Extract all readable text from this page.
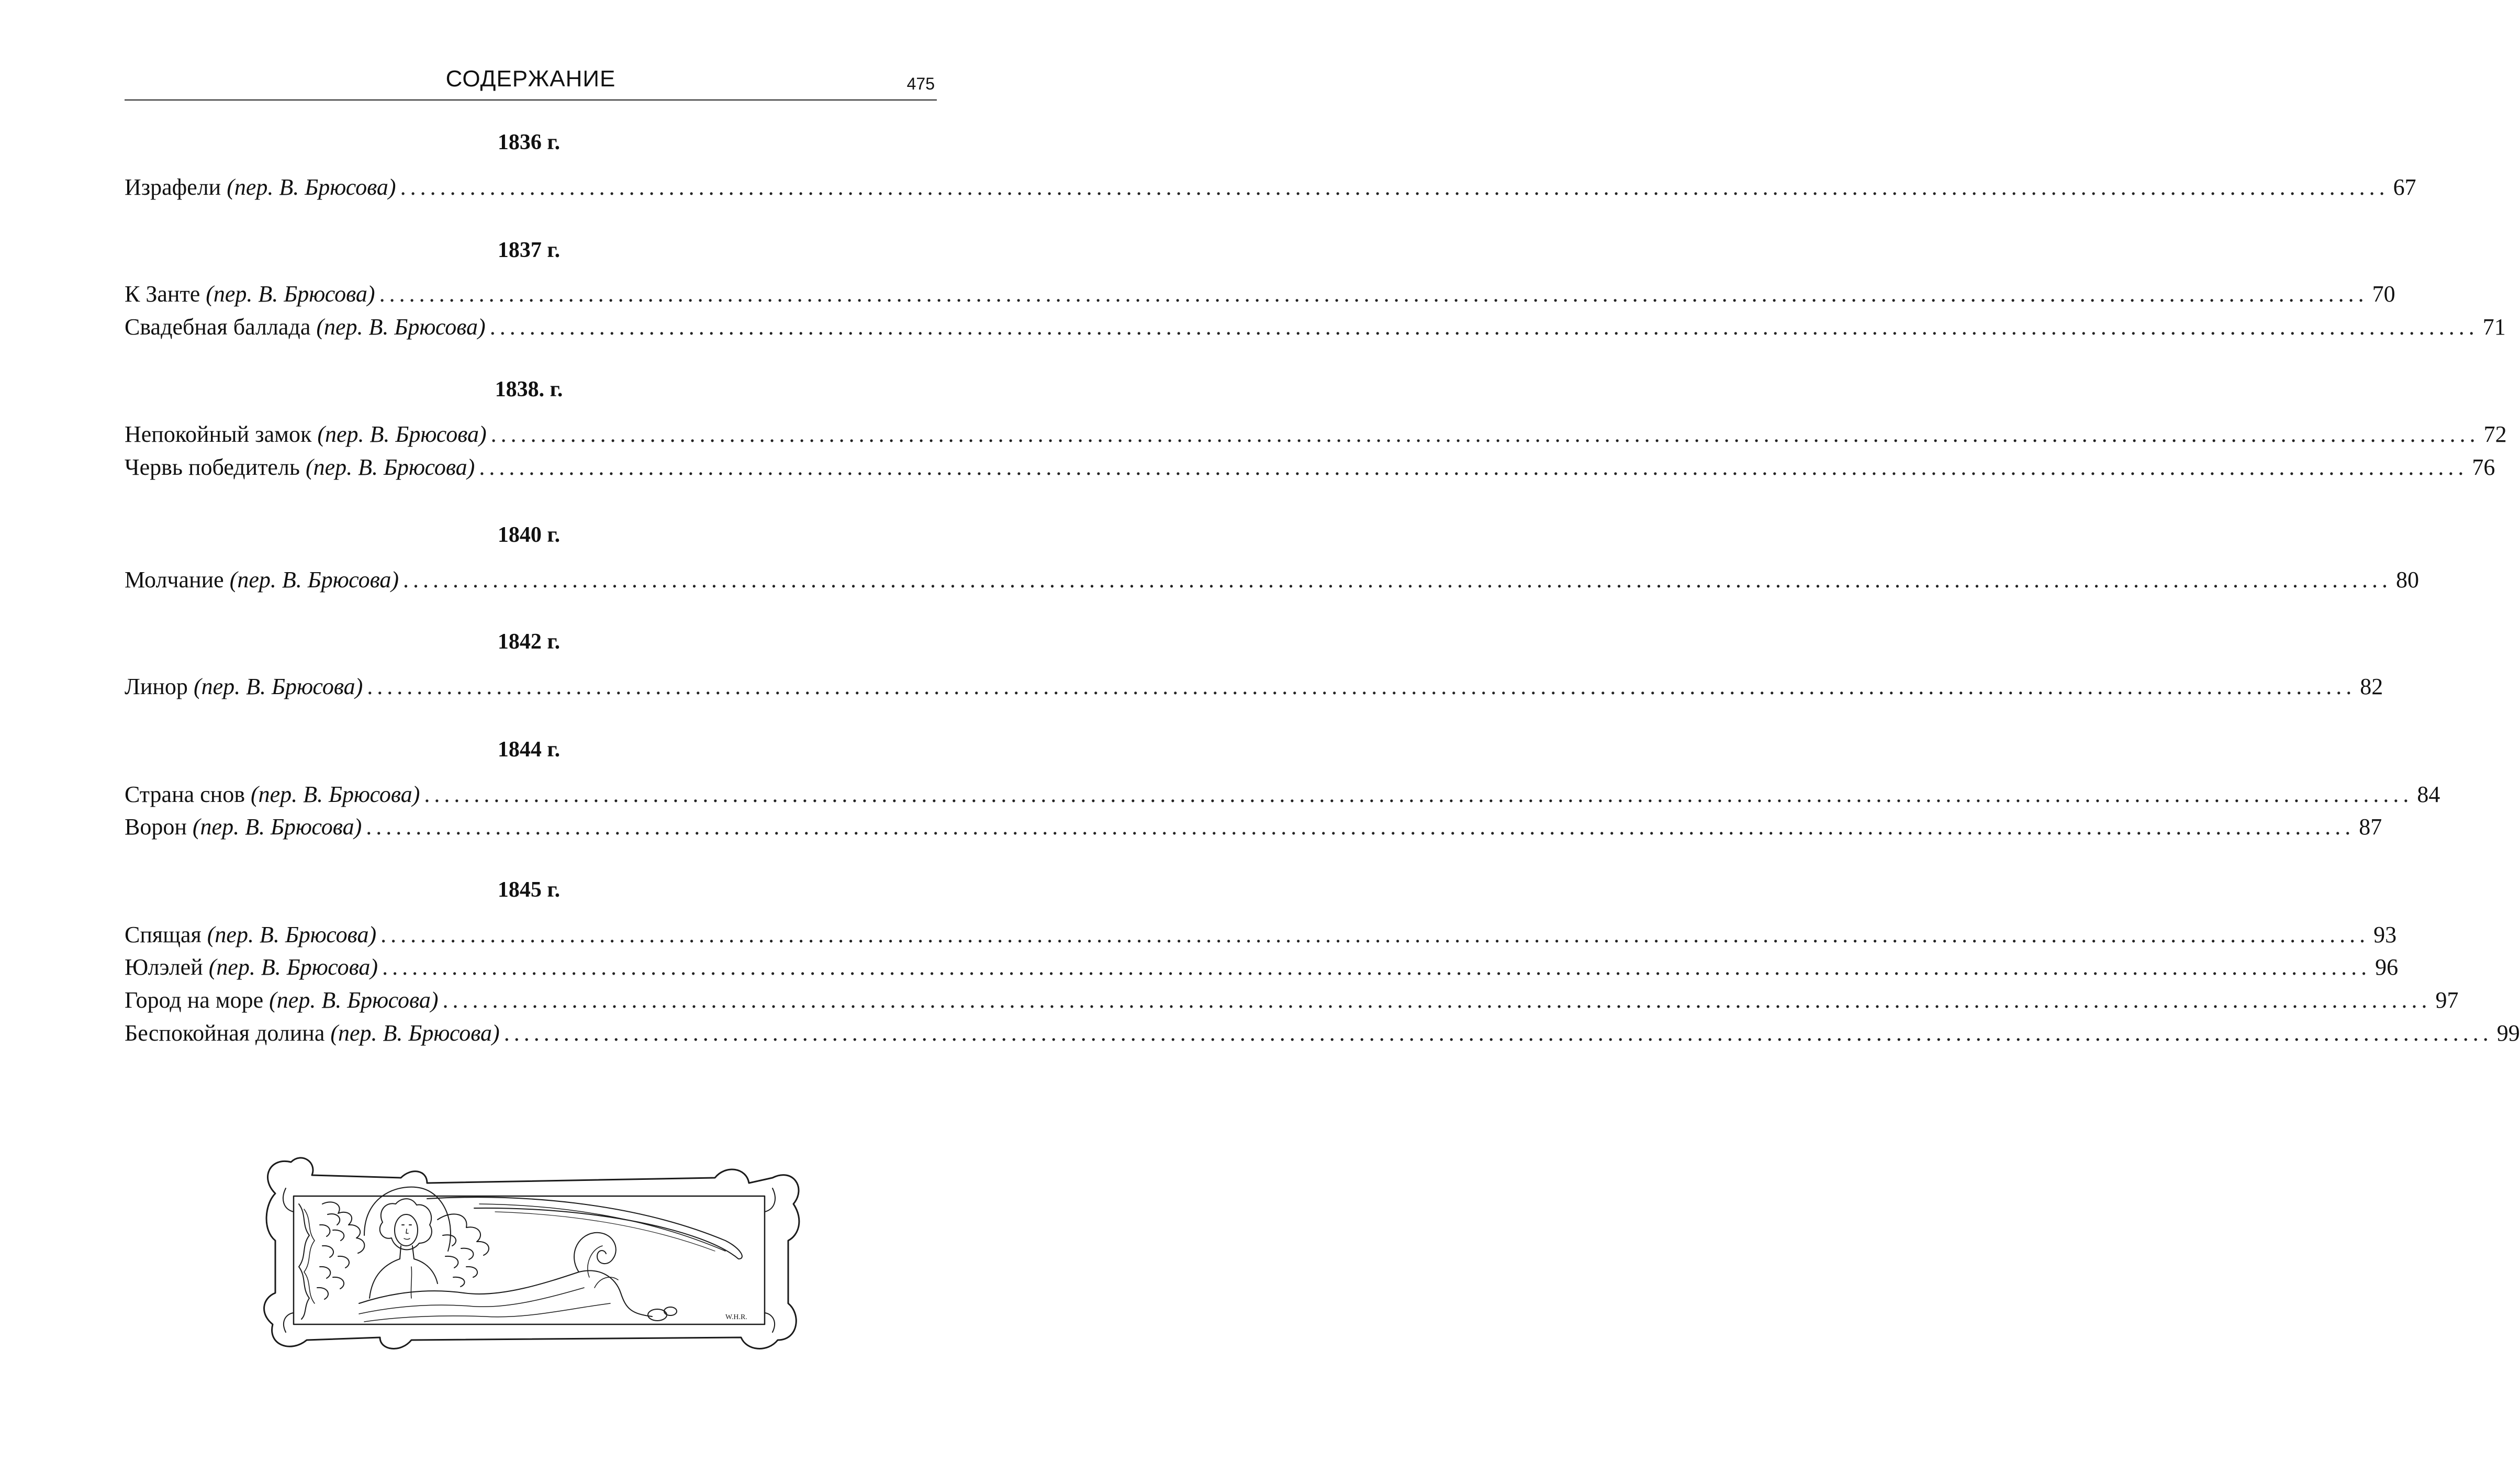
СОДЕРЖАНИЕ	475
1836 г.
Израфели (пер. В. Брюсова) ........................................................................................................................................................................................................ 67
1837 г.
К Занте (пер. В. Брюсова) ........................................................................................................................................................................................................ 70
Свадебная баллада (пер. В. Брюсова) ........................................................................................................................................................................................................ 71
1838. г.
Непокойный замок (пер. В. Брюсова) ........................................................................................................................................................................................................ 72
Червь победитель (пер. В. Брюсова) ........................................................................................................................................................................................................ 76
1840 г.
Молчание (пер. В. Брюсова) ........................................................................................................................................................................................................ 80
1842 г.
Линор (пер. В. Брюсова) ........................................................................................................................................................................................................ 82
1844 г.
Страна снов (пер. В. Брюсова) ........................................................................................................................................................................................................ 84
Ворон (пер. В. Брюсова) ........................................................................................................................................................................................................ 87
1845 г.
Спящая (пер. В. Брюсова) ........................................................................................................................................................................................................ 93
Юлэлей (пер. В. Брюсова) ........................................................................................................................................................................................................ 96
Город на море (пер. В. Брюсова) ........................................................................................................................................................................................................ 97
Беспокойная долина (пер. В. Брюсова) ........................................................................................................................................................................................................ 99
W.H.R.
